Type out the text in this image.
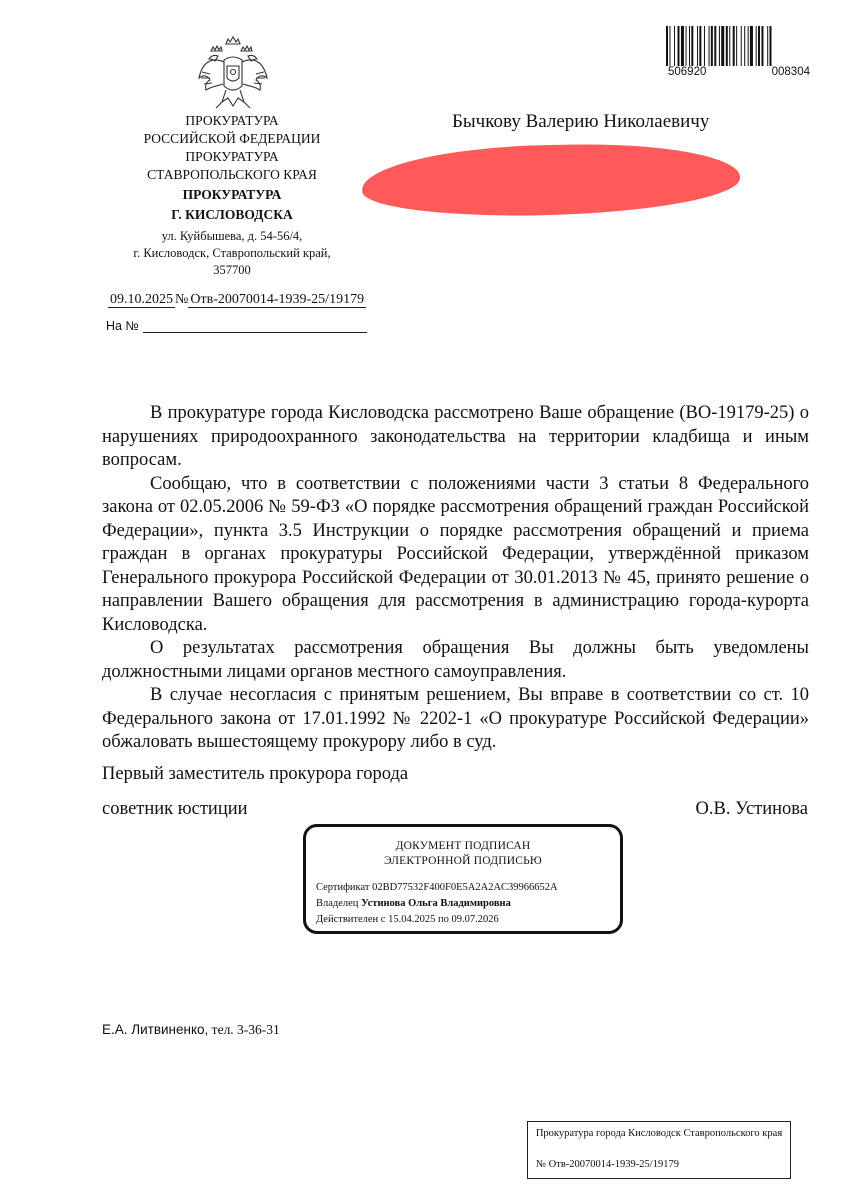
ПРОКУРАТУРА
РОССИЙСКОЙ ФЕДЕРАЦИИ
ПРОКУРАТУРА
СТАВРОПОЛЬСКОГО КРАЯ
ПРОКУРАТУРА
Г. КИСЛОВОДСКА
ул. Куйбышева, д. 54-56/4,
г. Кисловодск, Ставропольский край,
357700
09.10.2025 № Отв-20070014-1939-25/19179
На №
506920	008304
Бычкову Валерию Николаевичу

В прокуратуре города Кисловодска рассмотрено Ваше обращение (ВО-19179-25) о нарушениях природоохранного законодательства на территории кладбища и иным вопросам.

Сообщаю, что в соответствии с положениями части 3 статьи 8 Федерального закона от 02.05.2006 № 59-ФЗ «О порядке рассмотрения обращений граждан Российской Федерации», пункта 3.5 Инструкции о порядке рассмотрения обращений и приема граждан в органах прокуратуры Российской Федерации, утверждённой приказом Генерального прокурора Российской Федерации от 30.01.2013 № 45, принято решение о направлении Вашего обращения для рассмотрения в администрацию города-курорта Кисловодска.

О результатах рассмотрения обращения Вы должны быть уведомлены должностными лицами органов местного самоуправления.

В случае несогласия с принятым решением, Вы вправе в соответствии со ст. 10 Федерального закона от 17.01.1992 № 2202-1 «О прокуратуре Российской Федерации» обжаловать вышестоящему прокурору либо в суд.

Первый заместитель прокурора города
советник юстиции	О.В. Устинова
ДОКУМЕНТ ПОДПИСАН
ЭЛЕКТРОННОЙ ПОДПИСЬЮ
Сертификат 02BD77532F400F0E5A2A2AC39966652A
Владелец Устинова Ольга Владимировна
Действителен с 15.04.2025 по 09.07.2026
Е.А. Литвиненко, тел. 3-36-31
Прокуратура города Кисловодск Ставропольского края
№ Отв-20070014-1939-25/19179
